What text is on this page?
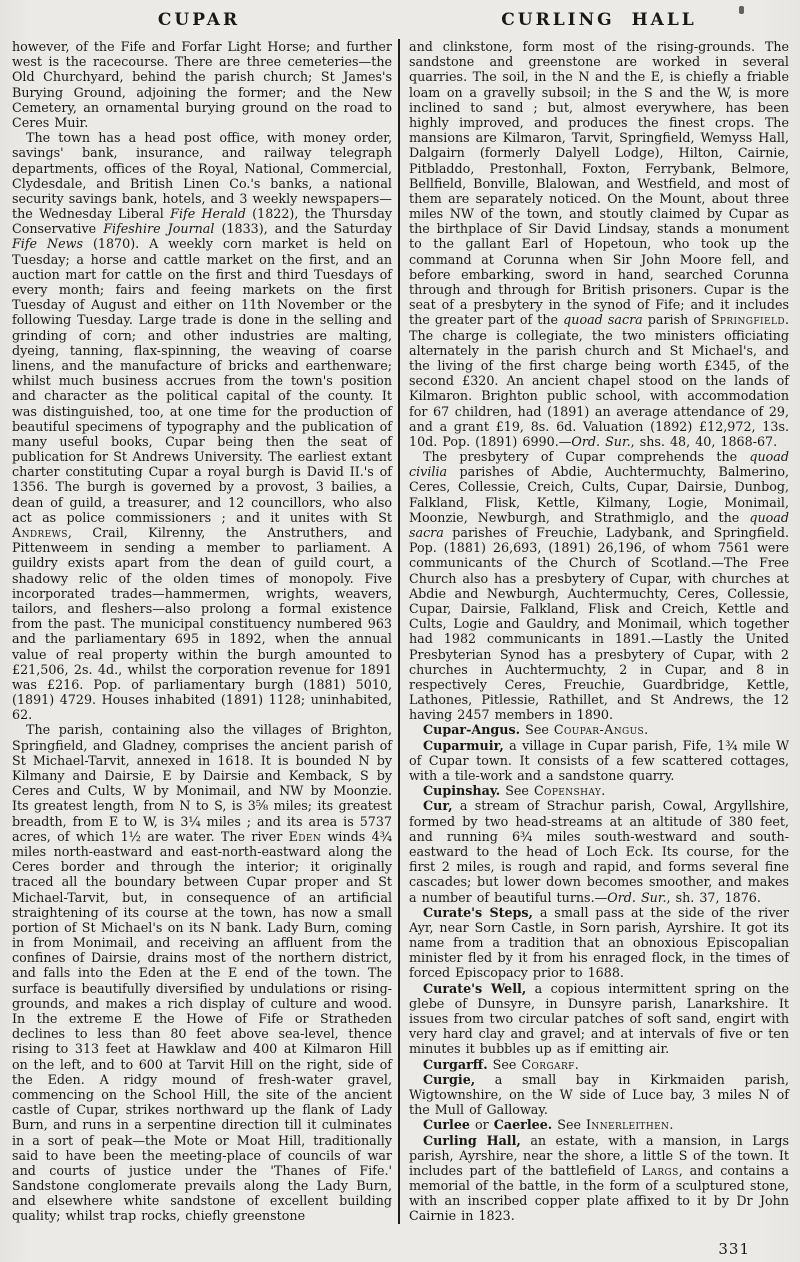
CUPAR	CURLING HALL

however, of the Fife and Forfar Light Horse; and further west is the racecourse. There are three cemeteries—the Old Churchyard, behind the parish church; St James's Burying Ground, adjoining the former; and the New Cemetery, an ornamental burying ground on the road to Ceres Muir.

The town has a head post office, with money order, savings' bank, insurance, and railway telegraph departments, offices of the Royal, National, Commercial, Clydesdale, and British Linen Co.'s banks, a national security savings bank, hotels, and 3 weekly newspapers—the Wednesday Liberal Fife Herald (1822), the Thursday Conservative Fifeshire Journal (1833), and the Saturday Fife News (1870). A weekly corn market is held on Tuesday; a horse and cattle market on the first, and an auction mart for cattle on the first and third Tuesdays of every month; fairs and feeing markets on the first Tuesday of August and either on 11th November or the following Tuesday. Large trade is done in the selling and grinding of corn; and other industries are malting, dyeing, tanning, flax-spinning, the weaving of coarse linens, and the manufacture of bricks and earthenware; whilst much business accrues from the town's position and character as the political capital of the county. It was distinguished, too, at one time for the production of beautiful specimens of typography and the publication of many useful books, Cupar being then the seat of publication for St Andrews University. The earliest extant charter constituting Cupar a royal burgh is David II.'s of 1356. The burgh is governed by a provost, 3 bailies, a dean of guild, a treasurer, and 12 councillors, who also act as police commissioners ; and it unites with St Andrews, Crail, Kilrenny, the Anstruthers, and Pittenweem in sending a member to parliament. A guildry exists apart from the dean of guild court, a shadowy relic of the olden times of monopoly. Five incorporated trades—hammermen, wrights, weavers, tailors, and fleshers—also prolong a formal existence from the past. The municipal constituency numbered 963 and the parliamentary 695 in 1892, when the annual value of real property within the burgh amounted to £21,506, 2s. 4d., whilst the corporation revenue for 1891 was £216. Pop. of parliamentary burgh (1881) 5010, (1891) 4729. Houses inhabited (1891) 1128; uninhabited, 62.

The parish, containing also the villages of Brighton, Springfield, and Gladney, comprises the ancient parish of St Michael-Tarvit, annexed in 1618. It is bounded N by Kilmany and Dairsie, E by Dairsie and Kemback, S by Ceres and Cults, W by Monimail, and NW by Moonzie. Its greatest length, from N to S, is 3⅝ miles; its greatest breadth, from E to W, is 3¼ miles ; and its area is 5737 acres, of which 1½ are water. The river Eden winds 4¾ miles north-eastward and east-north-eastward along the Ceres border and through the interior; it originally traced all the boundary between Cupar proper and St Michael-Tarvit, but, in consequence of an artificial straightening of its course at the town, has now a small portion of St Michael's on its N bank. Lady Burn, coming in from Monimail, and receiving an affluent from the confines of Dairsie, drains most of the northern district, and falls into the Eden at the E end of the town. The surface is beautifully diversified by undulations or rising-grounds, and makes a rich display of culture and wood. In the extreme E the Howe of Fife or Stratheden declines to less than 80 feet above sea-level, thence rising to 313 feet at Hawklaw and 400 at Kilmaron Hill on the left, and to 600 at Tarvit Hill on the right, side of the Eden. A ridgy mound of fresh-water gravel, commencing on the School Hill, the site of the ancient castle of Cupar, strikes northward up the flank of Lady Burn, and runs in a serpentine direction till it culminates in a sort of peak—the Mote or Moat Hill, traditionally said to have been the meeting-place of councils of war and courts of justice under the 'Thanes of Fife.' Sandstone conglomerate prevails along the Lady Burn, and elsewhere white sandstone of excellent building quality; whilst trap rocks, chiefly greenstone

and clinkstone, form most of the rising-grounds. The sandstone and greenstone are worked in several quarries. The soil, in the N and the E, is chiefly a friable loam on a gravelly subsoil; in the S and the W, is more inclined to sand ; but, almost everywhere, has been highly improved, and produces the finest crops. The mansions are Kilmaron, Tarvit, Springfield, Wemyss Hall, Dalgairn (formerly Dalyell Lodge), Hilton, Cairnie, Pitbladdo, Prestonhall, Foxton, Ferrybank, Belmore, Bellfield, Bonville, Blalowan, and Westfield, and most of them are separately noticed. On the Mount, about three miles NW of the town, and stoutly claimed by Cupar as the birthplace of Sir David Lindsay, stands a monument to the gallant Earl of Hopetoun, who took up the command at Corunna when Sir John Moore fell, and before embarking, sword in hand, searched Corunna through and through for British prisoners. Cupar is the seat of a presbytery in the synod of Fife; and it includes the greater part of the quoad sacra parish of Springfield. The charge is collegiate, the two ministers officiating alternately in the parish church and St Michael's, and the living of the first charge being worth £345, of the second £320. An ancient chapel stood on the lands of Kilmaron. Brighton public school, with accommodation for 67 children, had (1891) an average attendance of 29, and a grant £19, 8s. 6d. Valuation (1892) £12,972, 13s. 10d. Pop. (1891) 6990.—Ord. Sur., shs. 48, 40, 1868-67.

The presbytery of Cupar comprehends the quoad civilia parishes of Abdie, Auchtermuchty, Balmerino, Ceres, Collessie, Creich, Cults, Cupar, Dairsie, Dunbog, Falkland, Flisk, Kettle, Kilmany, Logie, Monimail, Moonzie, Newburgh, and Strathmiglo, and the quoad sacra parishes of Freuchie, Ladybank, and Springfield. Pop. (1881) 26,693, (1891) 26,196, of whom 7561 were communicants of the Church of Scotland.—The Free Church also has a presbytery of Cupar, with churches at Abdie and Newburgh, Auchtermuchty, Ceres, Collessie, Cupar, Dairsie, Falkland, Flisk and Creich, Kettle and Cults, Logie and Gauldry, and Monimail, which together had 1982 communicants in 1891.—Lastly the United Presbyterian Synod has a presbytery of Cupar, with 2 churches in Auchtermuchty, 2 in Cupar, and 8 in respectively Ceres, Freuchie, Guardbridge, Kettle, Lathones, Pitlessie, Rathillet, and St Andrews, the 12 having 2457 members in 1890.

Cupar-Angus. See Coupar-Angus.

Cuparmuir, a village in Cupar parish, Fife, 1¾ mile W of Cupar town. It consists of a few scattered cottages, with a tile-work and a sandstone quarry.

Cupinshay. See Copenshay.

Cur, a stream of Strachur parish, Cowal, Argyllshire, formed by two head-streams at an altitude of 380 feet, and running 6¾ miles south-westward and south-eastward to the head of Loch Eck. Its course, for the first 2 miles, is rough and rapid, and forms several fine cascades; but lower down becomes smoother, and makes a number of beautiful turns.—Ord. Sur., sh. 37, 1876.

Curate's Steps, a small pass at the side of the river Ayr, near Sorn Castle, in Sorn parish, Ayrshire. It got its name from a tradition that an obnoxious Episcopalian minister fled by it from his enraged flock, in the times of forced Episcopacy prior to 1688.

Curate's Well, a copious intermittent spring on the glebe of Dunsyre, in Dunsyre parish, Lanarkshire. It issues from two circular patches of soft sand, engirt with very hard clay and gravel; and at intervals of five or ten minutes it bubbles up as if emitting air.

Curgarff. See Corgarf.

Curgie, a small bay in Kirkmaiden parish, Wigtownshire, on the W side of Luce bay, 3 miles N of the Mull of Galloway.

Curlee or Caerlee. See Innerleithen.

Curling Hall, an estate, with a mansion, in Largs parish, Ayrshire, near the shore, a little S of the town. It includes part of the battlefield of Largs, and contains a memorial of the battle, in the form of a sculptured stone, with an inscribed copper plate affixed to it by Dr John Cairnie in 1823.

331
